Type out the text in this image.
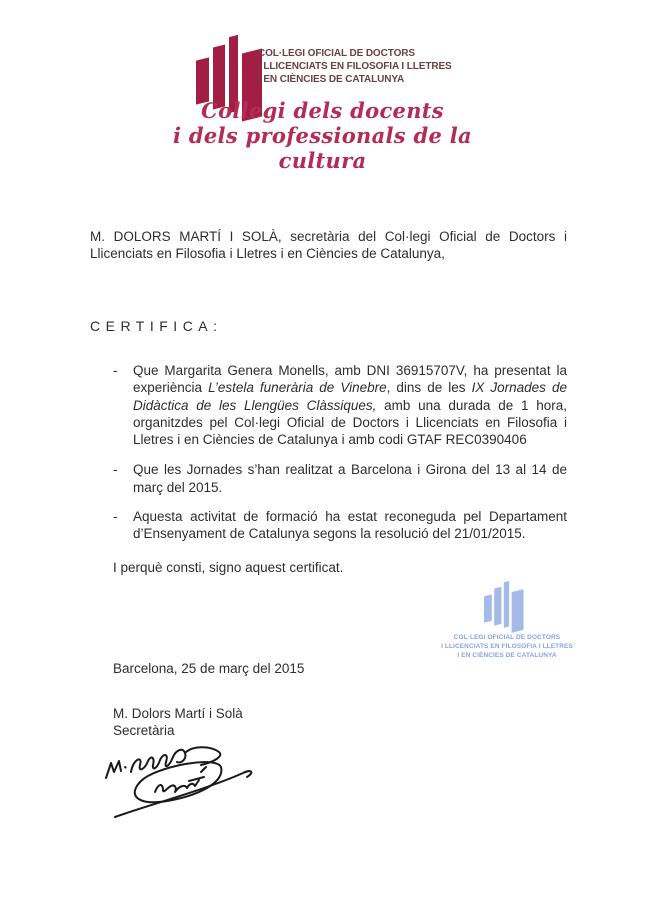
COL·LEGI OFICIAL DE DOCTORS
I LLICENCIATS EN FILOSOFIA I LLETRES
I EN CIÈNCIES DE CATALUNYA
Collegi dels docents
i dels professionals de la cultura

M. DOLORS MARTÍ I SOLÀ, secretària del Col·legi Oficial de Doctors i Llicenciats en Filosofia i Lletres i en Ciències de Catalunya,

CERTIFICA:

- Que Margarita Genera Monells, amb DNI 36915707V, ha presentat la experiència L’estela funerària de Vinebre, dins de les IX Jornades de Didàctica de les Llengües Clàssiques, amb una durada de 1 hora, organitzdes pel Col·legi Oficial de Doctors i Llicenciats en Filosofia i Lletres i en Ciències de Catalunya i amb codi GTAF REC0390406
- Que les Jornades s’han realitzat a Barcelona i Girona del 13 al 14 de març del 2015.
- Aquesta activitat de formació ha estat reconeguda pel Departament d’Ensenyament de Catalunya segons la resolució del 21/01/2015.

I perquè consti, signo aquest certificat.

COL·LEGI OFICIAL DE DOCTORS
I LLICENCIATS EN FILOSOFIA I LLETRES
I EN CIÈNCIES DE CATALUNYA

Barcelona, 25 de març del 2015

M. Dolors Martí i Solà
Secretària
